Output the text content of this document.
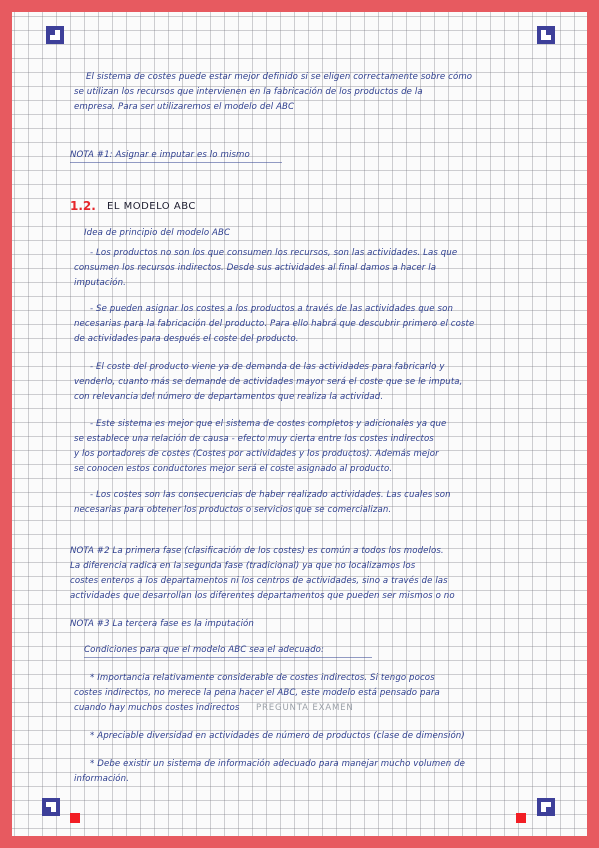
El sistema de costes puede estar mejor definido si se eligen correctamente sobre cómo
se utilizan los recursos que intervienen en la fabricación de los productos de la
empresa. Para ser utilizaremos el modelo del ABC
NOTA #1: Asignar e imputar es lo mismo
1.2. EL MODELO ABC
Idea de principio del modelo ABC
- Los productos no son los que consumen los recursos, son las actividades. Las que
consumen los recursos indirectos. Desde sus actividades al final damos a hacer la
imputación.
- Se pueden asignar los costes a los productos a través de las actividades que son
necesarias para la fabricación del producto. Para ello habrá que descubrir primero el coste
de actividades para después el coste del producto.
- El coste del producto viene ya de demanda de las actividades para fabricarlo y
venderlo, cuanto más se demande de actividades mayor será el coste que se le imputa,
con relevancia del número de departamentos que realiza la actividad.
- Este sistema es mejor que el sistema de costes completos y adicionales ya que
se establece una relación de causa - efecto muy cierta entre los costes indirectos
y los portadores de costes (Costes por actividades y los productos). Además mejor
se conocen estos conductores mejor será el coste asignado al producto.
- Los costes son las consecuencias de haber realizado actividades. Las cuales son
necesarias para obtener los productos o servicios que se comercializan.
NOTA #2 La primera fase (clasificación de los costes) es común a todos los modelos.
La diferencia radica en la segunda fase (tradicional) ya que no localizamos los
costes enteros a los departamentos ni los centros de actividades, sino a través de las
actividades que desarrollan los diferentes departamentos que pueden ser mismos o no
NOTA #3 La tercera fase es la imputación
Condiciones para que el modelo ABC sea el adecuado:
* Importancia relativamente considerable de costes indirectos. Si tengo pocos
costes indirectos, no merece la pena hacer el ABC, este modelo está pensado para
cuando hay muchos costes indirectos PREGUNTA EXAMEN
* Apreciable diversidad en actividades de número de productos (clase de dimensión)
* Debe existir un sistema de información adecuado para manejar mucho volumen de
información.
